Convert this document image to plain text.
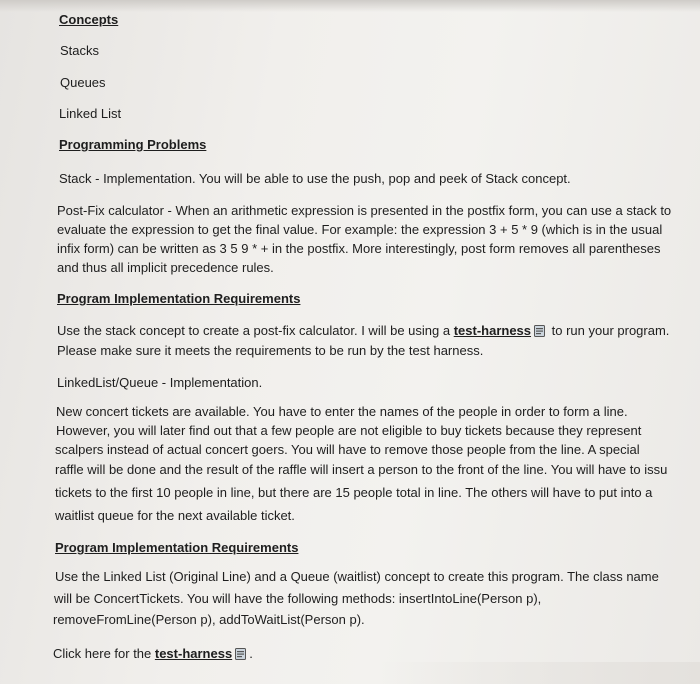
Concepts
Stacks
Queues
Linked List
Programming Problems
Stack - Implementation. You will be able to use the push, pop and peek of Stack concept.
Post-Fix calculator - When an arithmetic expression is presented in the postfix form, you can use a stack to
evaluate the expression to get the final value. For example: the expression 3 + 5 * 9 (which is in the usual
infix form) can be written as 3 5 9 * + in the postfix. More interestingly, post form removes all parentheses
and thus all implicit precedence rules.
Program Implementation Requirements
Use the stack concept to create a post-fix calculator. I will be using a test-harness to run your program.
Please make sure it meets the requirements to be run by the test harness.
LinkedList/Queue - Implementation.
New concert tickets are available. You have to enter the names of the people in order to form a line.
However, you will later find out that a few people are not eligible to buy tickets because they represent
scalpers instead of actual concert goers. You will have to remove those people from the line. A special
raffle will be done and the result of the raffle will insert a person to the front of the line. You will have to issu
tickets to the first 10 people in line, but there are 15 people total in line. The others will have to put into a
waitlist queue for the next available ticket.
Program Implementation Requirements
Use the Linked List (Original Line) and a Queue (waitlist) concept to create this program. The class name
will be ConcertTickets. You will have the following methods: insertIntoLine(Person p),
removeFromLine(Person p), addToWaitList(Person p).
Click here for the test-harness .
